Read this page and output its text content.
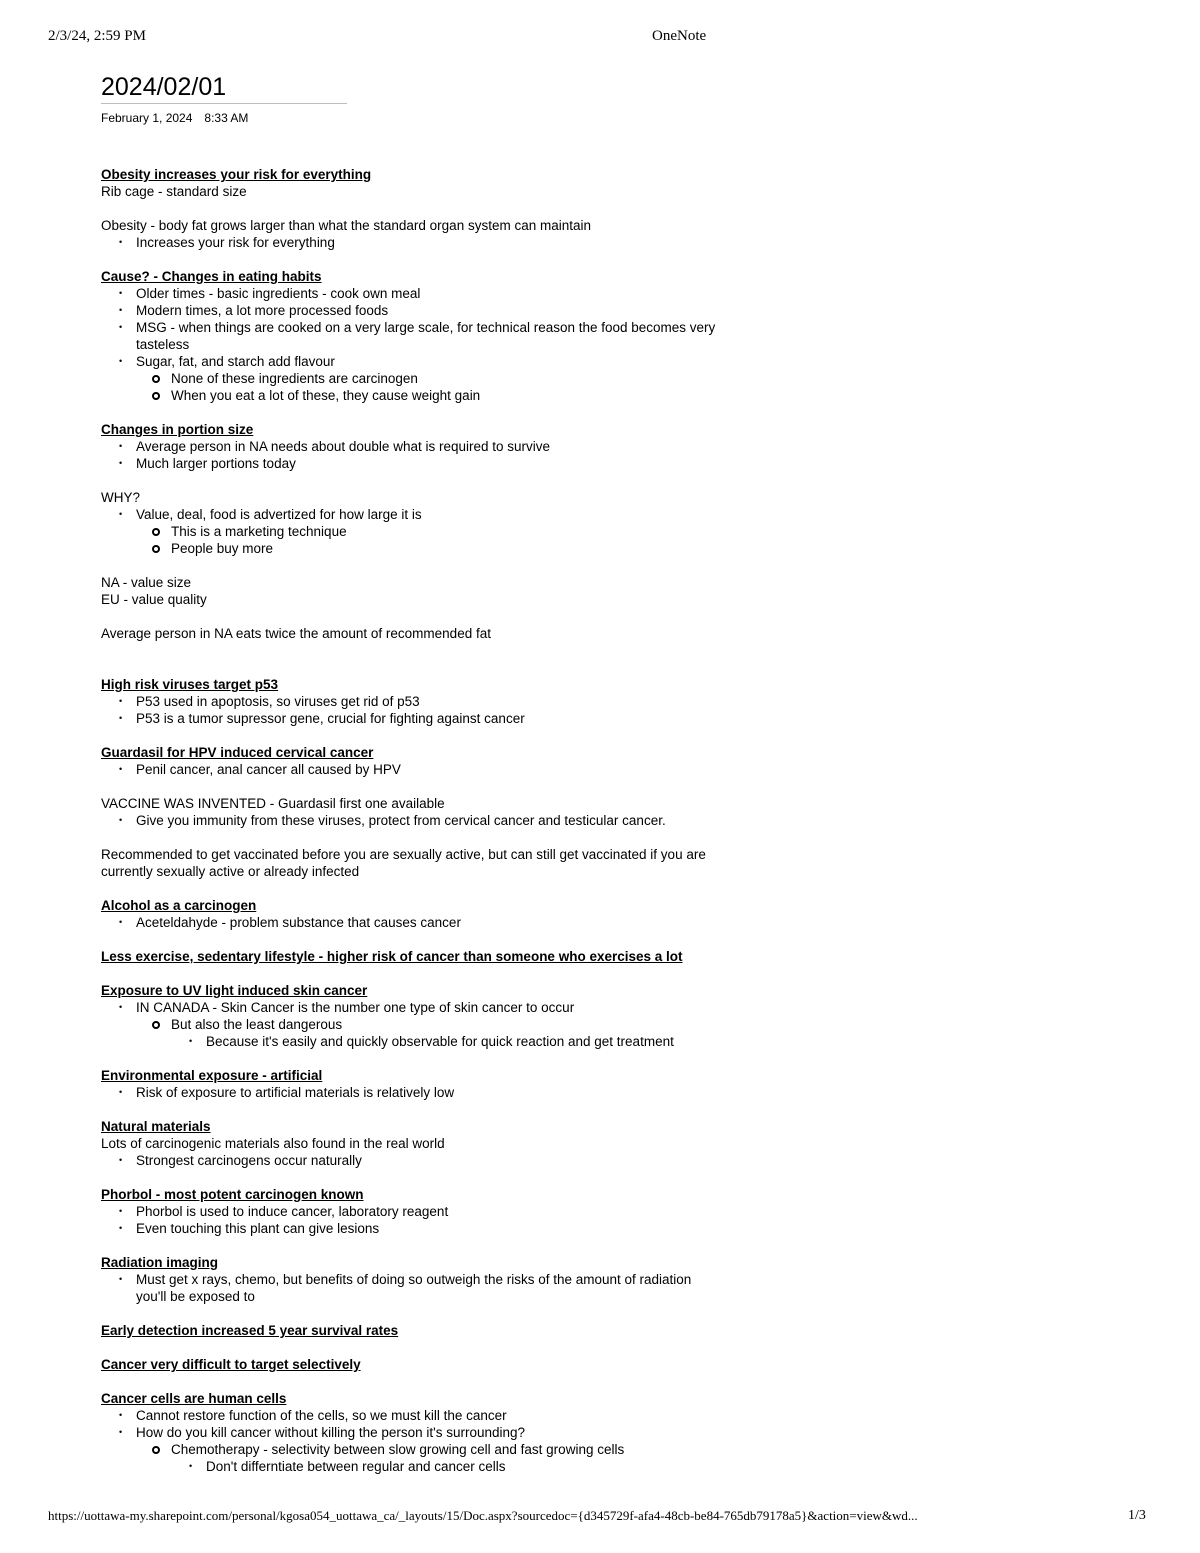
2/3/24, 2:59 PM	OneNote
2024/02/01
February 1, 2024 8:33 AM

Obesity increases your risk for everything

Rib cage - standard size

Obesity - body fat grows larger than what the standard organ system can maintain

• Increases your risk for everything

Cause? - Changes in eating habits

• Older times - basic ingredients - cook own meal
• Modern times, a lot more processed foods
• MSG - when things are cooked on a very large scale, for technical reason the food becomes very tasteless
• Sugar, fat, and starch add flavour
None of these ingredients are carcinogen
When you eat a lot of these, they cause weight gain

Changes in portion size

• Average person in NA needs about double what is required to survive
• Much larger portions today

WHY?

• Value, deal, food is advertized for how large it is
This is a marketing technique
People buy more

NA - value size

EU - value quality

Average person in NA eats twice the amount of recommended fat

High risk viruses target p53

• P53 used in apoptosis, so viruses get rid of p53
• P53 is a tumor supressor gene, crucial for fighting against cancer

Guardasil for HPV induced cervical cancer

• Penil cancer, anal cancer all caused by HPV

VACCINE WAS INVENTED - Guardasil first one available

• Give you immunity from these viruses, protect from cervical cancer and testicular cancer.

Recommended to get vaccinated before you are sexually active, but can still get vaccinated if you are currently sexually active or already infected

Alcohol as a carcinogen

• Aceteldahyde - problem substance that causes cancer

Less exercise, sedentary lifestyle - higher risk of cancer than someone who exercises a lot

Exposure to UV light induced skin cancer

• IN CANADA - Skin Cancer is the number one type of skin cancer to occur
But also the least dangerous
• Because it's easily and quickly observable for quick reaction and get treatment

Environmental exposure - artificial

• Risk of exposure to artificial materials is relatively low

Natural materials

Lots of carcinogenic materials also found in the real world

• Strongest carcinogens occur naturally

Phorbol - most potent carcinogen known

• Phorbol is used to induce cancer, laboratory reagent
• Even touching this plant can give lesions

Radiation imaging

• Must get x rays, chemo, but benefits of doing so outweigh the risks of the amount of radiation you'll be exposed to

Early detection increased 5 year survival rates

Cancer very difficult to target selectively

Cancer cells are human cells

• Cannot restore function of the cells, so we must kill the cancer
• How do you kill cancer without killing the person it's surrounding?
Chemotherapy - selectivity between slow growing cell and fast growing cells
• Don't differntiate between regular and cancer cells
https://uottawa-my.sharepoint.com/personal/kgosa054_uottawa_ca/_layouts/15/Doc.aspx?sourcedoc={d345729f-afa4-48cb-be84-765db79178a5}&action=view&wd...	1/3
